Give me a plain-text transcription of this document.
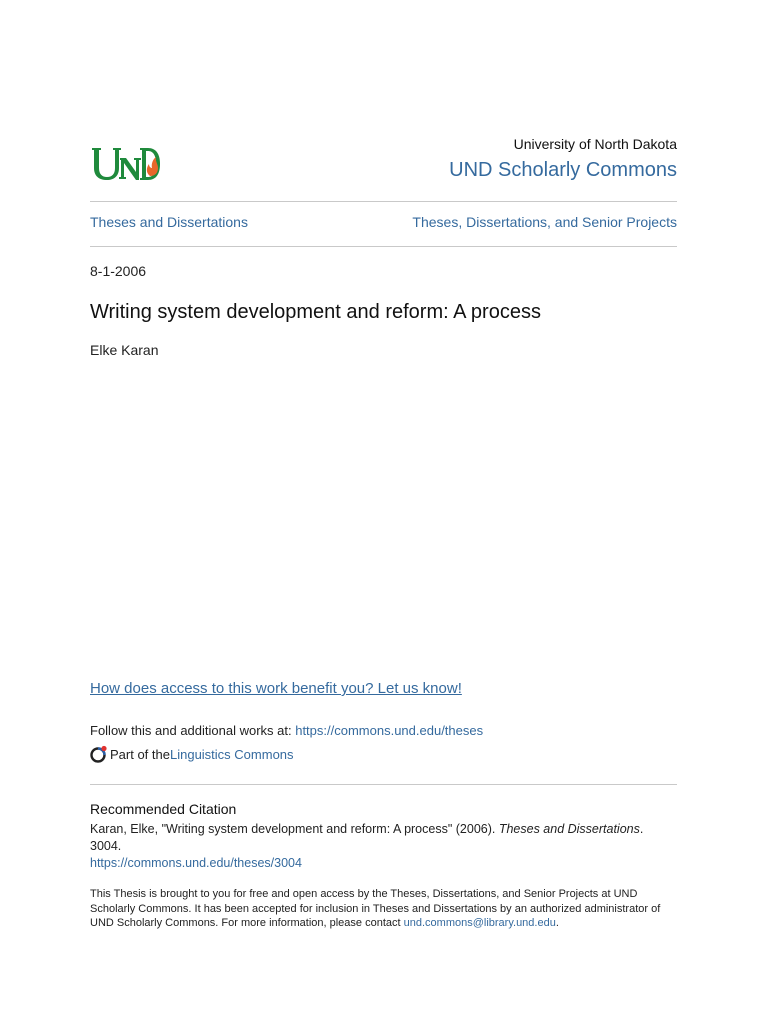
UND	University of North Dakota
UND Scholarly Commons
Theses and Dissertations	Theses, Dissertations, and Senior Projects
8-1-2006
Writing system development and reform: A process
Elke Karan
How does access to this work benefit you? Let us know!
Follow this and additional works at: https://commons.und.edu/theses
Part of the Linguistics Commons
Recommended Citation
Karan, Elke, "Writing system development and reform: A process" (2006). Theses and Dissertations. 3004.
https://commons.und.edu/theses/3004
This Thesis is brought to you for free and open access by the Theses, Dissertations, and Senior Projects at UND Scholarly Commons. It has been accepted for inclusion in Theses and Dissertations by an authorized administrator of UND Scholarly Commons. For more information, please contact und.commons@library.und.edu.
